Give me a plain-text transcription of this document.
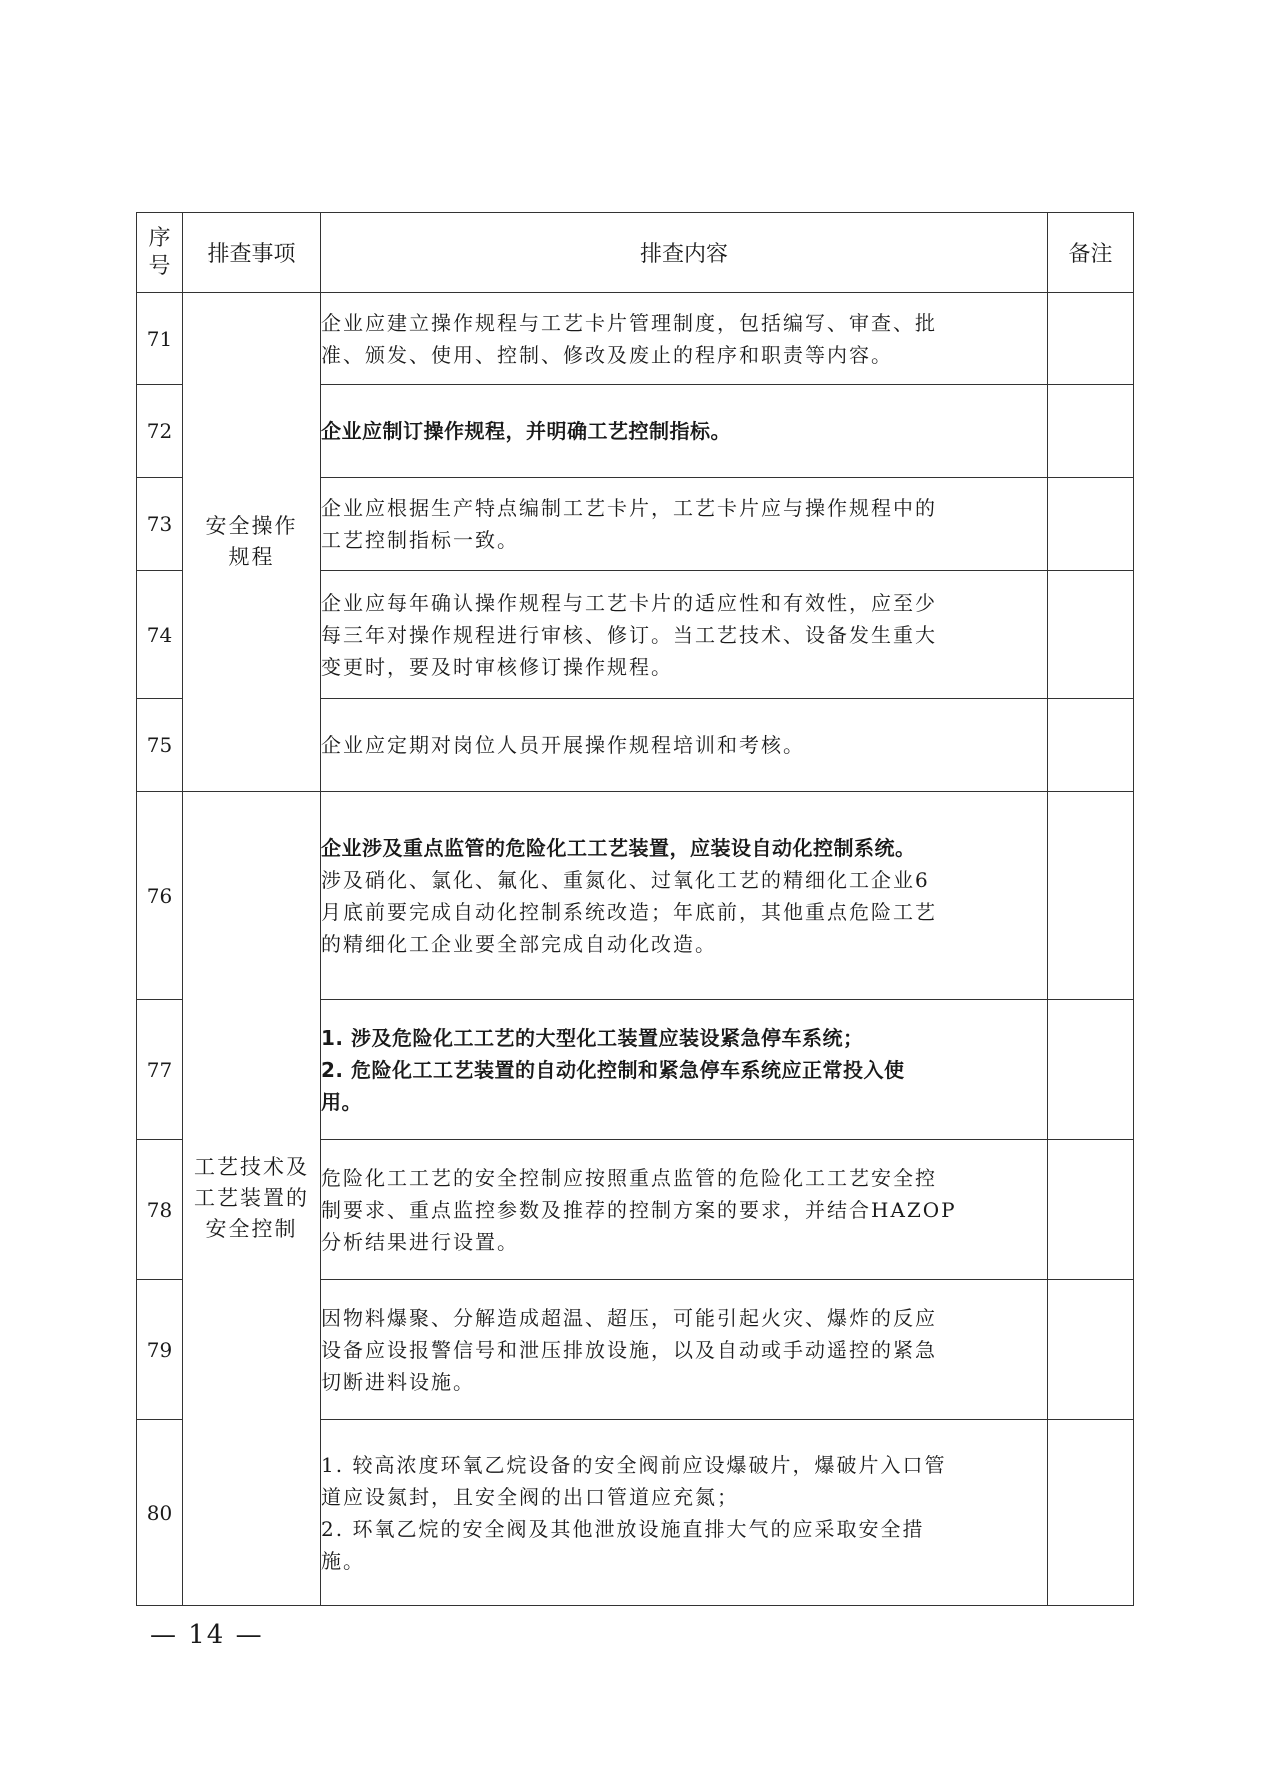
序
号	排查事项	排查内容	备注
71	安全操作
规程	企业应建立操作规程与工艺卡片管理制度，包括编写、审查、批
准、颁发、使用、控制、修改及废止的程序和职责等内容。	

72		企业应制订操作规程，并明确工艺控制指标。	

73		企业应根据生产特点编制工艺卡片，工艺卡片应与操作规程中的
工艺控制指标一致。	

74		企业应每年确认操作规程与工艺卡片的适应性和有效性，应至少
每三年对操作规程进行审核、修订。当工艺技术、设备发生重大
变更时，要及时审核修订操作规程。	

75		企业应定期对岗位人员开展操作规程培训和考核。	

76	工艺技术及
工艺装置的
安全控制	企业涉及重点监管的危险化工工艺装置，应装设自动化控制系统。
涉及硝化、氯化、氟化、重氮化、过氧化工艺的精细化工企业6
月底前要完成自动化控制系统改造；年底前，其他重点危险工艺
的精细化工企业要全部完成自动化改造。	

77		1. 涉及危险化工工艺的大型化工装置应装设紧急停车系统；
2. 危险化工工艺装置的自动化控制和紧急停车系统应正常投入使
用。	

78		危险化工工艺的安全控制应按照重点监管的危险化工工艺安全控
制要求、重点监控参数及推荐的控制方案的要求，并结合HAZOP
分析结果进行设置。	

79		因物料爆聚、分解造成超温、超压，可能引起火灾、爆炸的反应
设备应设报警信号和泄压排放设施，以及自动或手动遥控的紧急
切断进料设施。	

80		1. 较高浓度环氧乙烷设备的安全阀前应设爆破片，爆破片入口管
道应设氮封，且安全阀的出口管道应充氮；
2. 环氧乙烷的安全阀及其他泄放设施直排大气的应采取安全措
施。	

— 14 —
